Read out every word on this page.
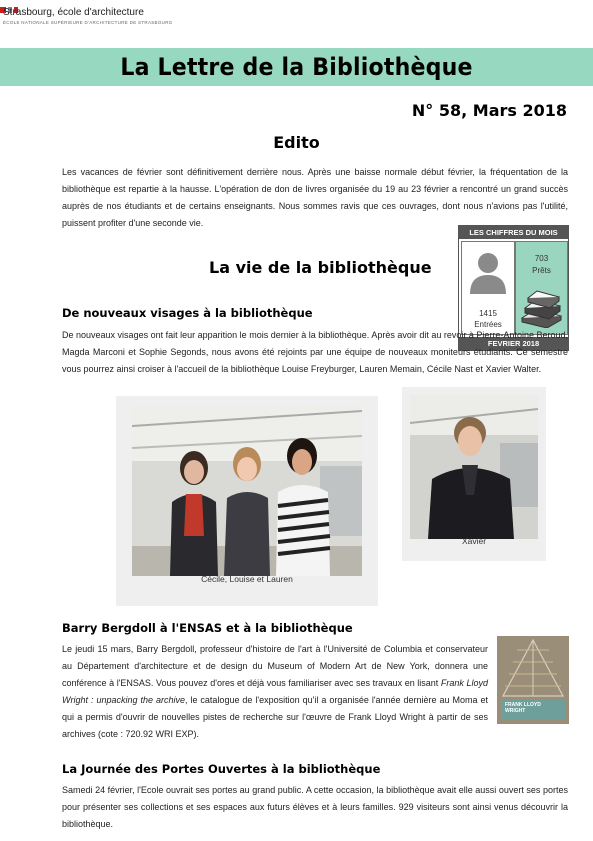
Strasbourg, école d'architecture
ÉCOLE NATIONALE SUPÉRIEURE D'ARCHITECTURE DE STRASBOURG
La Lettre de la Bibliothèque
N° 58, Mars 2018
Edito
Les vacances de février sont définitivement derrière nous. Après une baisse normale début février, la fréquentation de la bibliothèque est repartie à la hausse. L'opération de don de livres organisée du 19 au 23 février a rencontré un grand succès auprès de nos étudiants et de certains enseignants. Nous sommes ravis que ces ouvrages, dont nous n'avions pas l'utilité, puissent profiter d'une seconde vie.
LES CHIFFRES DU MOIS
1415
Entrées
703
Prêts
FEVRIER 2018
La vie de la bibliothèque
De nouveaux visages à la bibliothèque
De nouveaux visages ont fait leur apparition le mois dernier à la bibliothèque. Après avoir dit au revoir à Pierre-Antoine Beroud, Magda Marconi et Sophie Segonds, nous avons été rejoints par une équipe de nouveaux moniteurs étudiants. Ce semestre vous pourrez ainsi croiser à l'accueil de la bibliothèque Louise Freyburger, Lauren Memain, Cécile Nast et Xavier Walter.
Cécile, Louise et Lauren
Xavier
Barry Bergdoll à l'ENSAS et à la bibliothèque
Le jeudi 15 mars, Barry Bergdoll, professeur d'histoire de l'art à l'Université de Columbia et conservateur au Département d'architecture et de design du Museum of Modern Art de New York, donnera une conférence à l'ENSAS. Vous pouvez d'ores et déjà vous familiariser avec ses travaux en lisant Frank Lloyd Wright : unpacking the archive, le catalogue de l'exposition qu'il a organisée l'année dernière au Moma et qui a permis d'ouvrir de nouvelles pistes de recherche sur l'œuvre de Frank Lloyd Wright à partir de ses archives (cote : 720.92 WRI EXP).
FRANK LLOYD WRIGHT
La Journée des Portes Ouvertes à la bibliothèque
Samedi 24 février, l'Ecole ouvrait ses portes au grand public. A cette occasion, la bibliothèque avait elle aussi ouvert ses portes pour présenter ses collections et ses espaces aux futurs élèves et à leurs familles. 929 visiteurs sont ainsi venus découvrir la bibliothèque.
